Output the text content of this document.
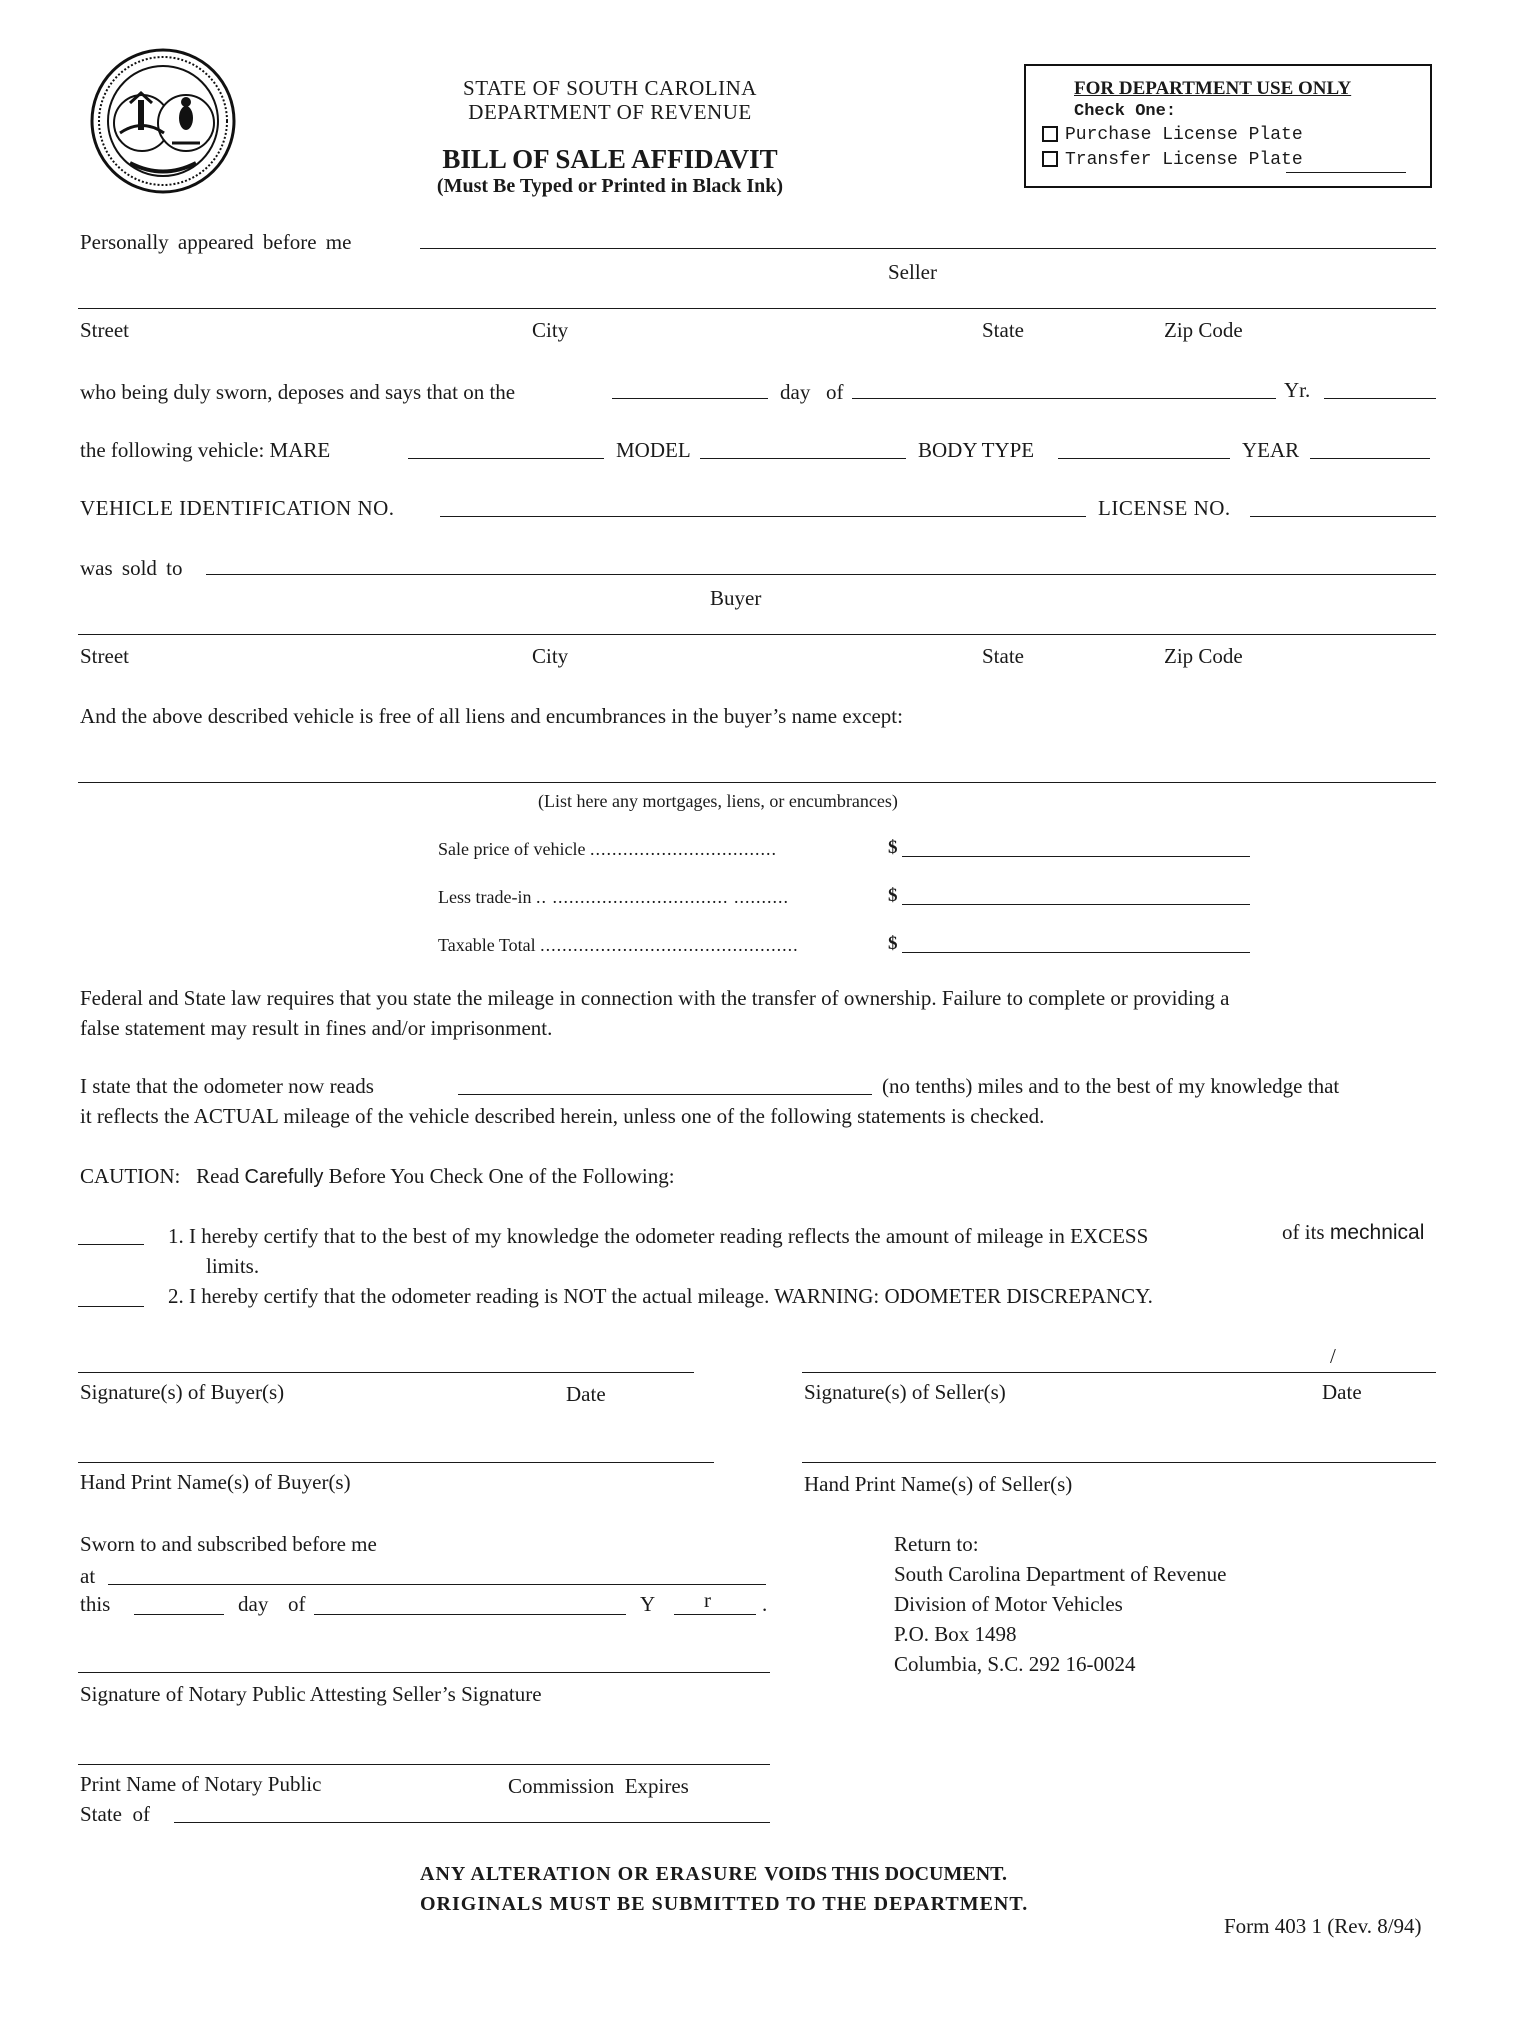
STATE OF SOUTH CAROLINA
DEPARTMENT OF REVENUE
BILL OF SALE AFFIDAVIT
(Must Be Typed or Printed in Black Ink)
FOR DEPARTMENT USE ONLY
Check One:
Purchase License Plate
Transfer License Plate
Personally appeared before me
Seller
Street	City	State	Zip Code
who being duly sworn, deposes and says that on the	day of	Yr.
the following vehicle: MARE	MODEL	BODY TYPE	YEAR
VEHICLE IDENTIFICATION NO.	LICENSE NO.
was sold to
Buyer
Street	City	State	Zip Code
And the above described vehicle is free of all liens and encumbrances in the buyer’s name except:
(List here any mortgages, liens, or encumbrances)
Sale price of vehicle ..................................	$
Less trade-in .. ................................ ..........	$
Taxable Total ...............................................	$
Federal and State law requires that you state the mileage in connection with the transfer of ownership. Failure to complete or providing a
false statement may result in fines and/or imprisonment.
I state that the odometer now reads	(no tenths) miles and to the best of my knowledge that
it reflects the ACTUAL mileage of the vehicle described herein, unless one of the following statements is checked.
CAUTION: Read Carefully Before You Check One of the Following:
1. I hereby certify that to the best of my knowledge the odometer reading reflects the amount of mileage in EXCESS	of its mechnical
limits.
2. I hereby certify that the odometer reading is NOT the actual mileage. WARNING: ODOMETER DISCREPANCY.
Signature(s) of Buyer(s)	Date
/
Signature(s) of Seller(s)	Date
Hand Print Name(s) of Buyer(s)	Hand Print Name(s) of Seller(s)
Sworn to and subscribed before me
at
this	day of	Y r .
Signature of Notary Public Attesting Seller’s Signature
Print Name of Notary Public	Commission  Expires
State  of
Return to:
South Carolina Department of Revenue
Division of Motor Vehicles
P.O. Box 1498
Columbia, S.C. 292 16-0024
ANY ALTERATION OR ERASURE VOIDS THIS DOCUMENT.
ORIGINALS MUST BE SUBMITTED TO THE DEPARTMENT.
Form 403 1 (Rev. 8/94)
